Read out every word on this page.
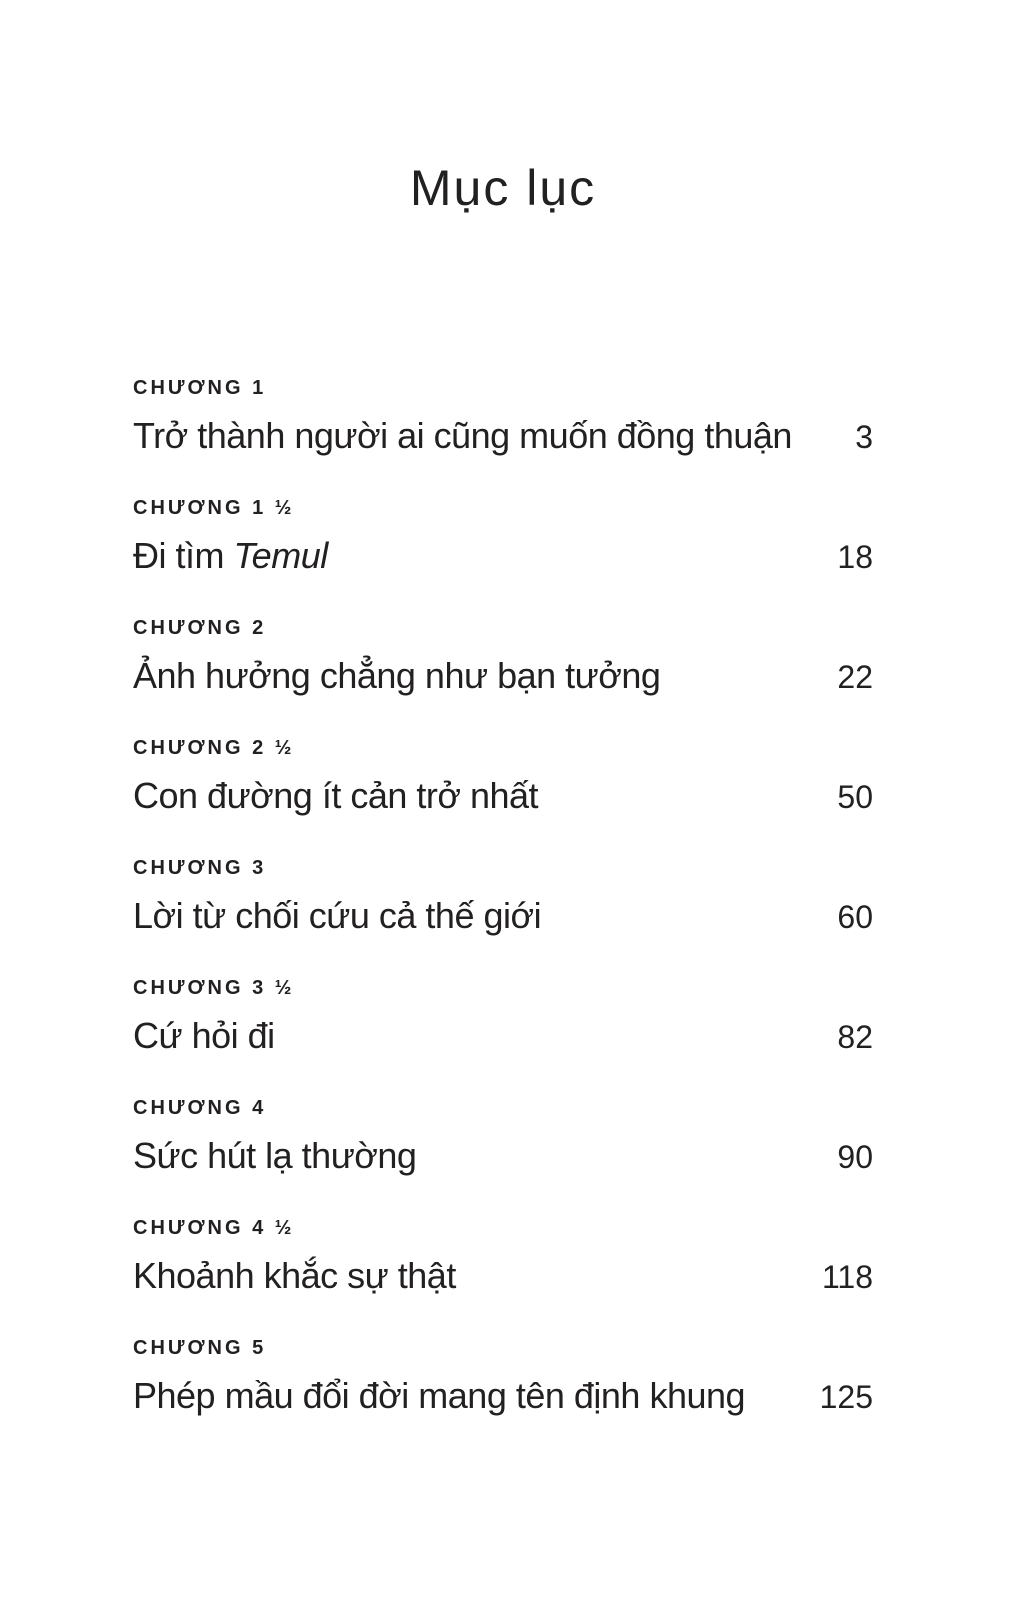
Mục lục
CHƯƠNG 1
Trở thành người ai cũng muốn đồng thuận 3
CHƯƠNG 1 ½
Đi tìm Temul	18
CHƯƠNG 2
Ảnh hưởng chẳng như bạn tưởng	22
CHƯƠNG 2 ½
Con đường ít cản trở nhất	50
CHƯƠNG 3
Lời từ chối cứu cả thế giới	60
CHƯƠNG 3 ½
Cứ hỏi đi	82
CHƯƠNG 4
Sức hút lạ thường	90
CHƯƠNG 4 ½
Khoảnh khắc sự thật	118
CHƯƠNG 5
Phép mầu đổi đời mang tên định khung 125
